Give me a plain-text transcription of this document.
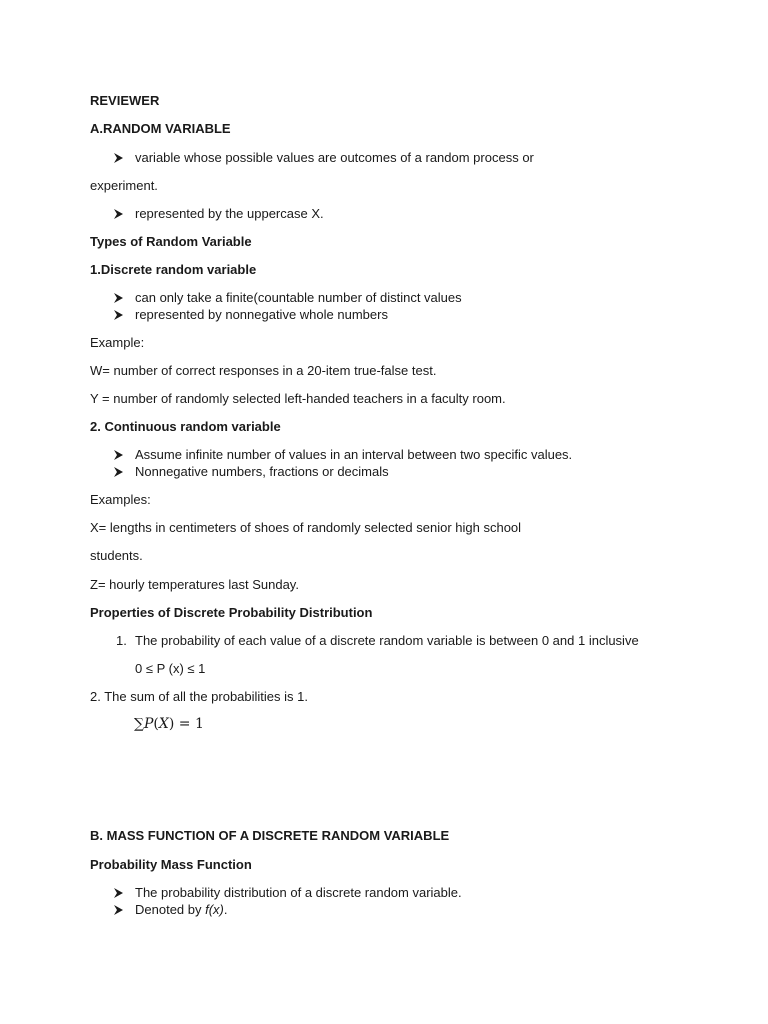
REVIEWER
A.RANDOM VARIABLE
variable whose possible values are outcomes of a random process or
experiment.
represented by the uppercase X.
Types of Random Variable
1.Discrete random variable
can only take a finite(countable number of distinct values
represented by nonnegative whole numbers
Example:
W= number of correct responses in a 20-item true-false test.
Y = number of randomly selected left-handed teachers in a faculty room.
2. Continuous random variable
Assume infinite number of values in an interval between two specific values.
Nonnegative numbers, fractions or decimals
Examples:
X= lengths in centimeters of shoes of randomly selected senior high school
students.
Z= hourly temperatures last Sunday.
Properties of Discrete Probability Distribution
1. The probability of each value of a discrete random variable is between 0 and 1 inclusive
0 ≤ P (x) ≤ 1
2. The sum of all the probabilities is 1.
∑P(X) = 1
B. MASS FUNCTION OF A DISCRETE RANDOM VARIABLE
Probability Mass Function
The probability distribution of a discrete random variable.
Denoted by f(x).
